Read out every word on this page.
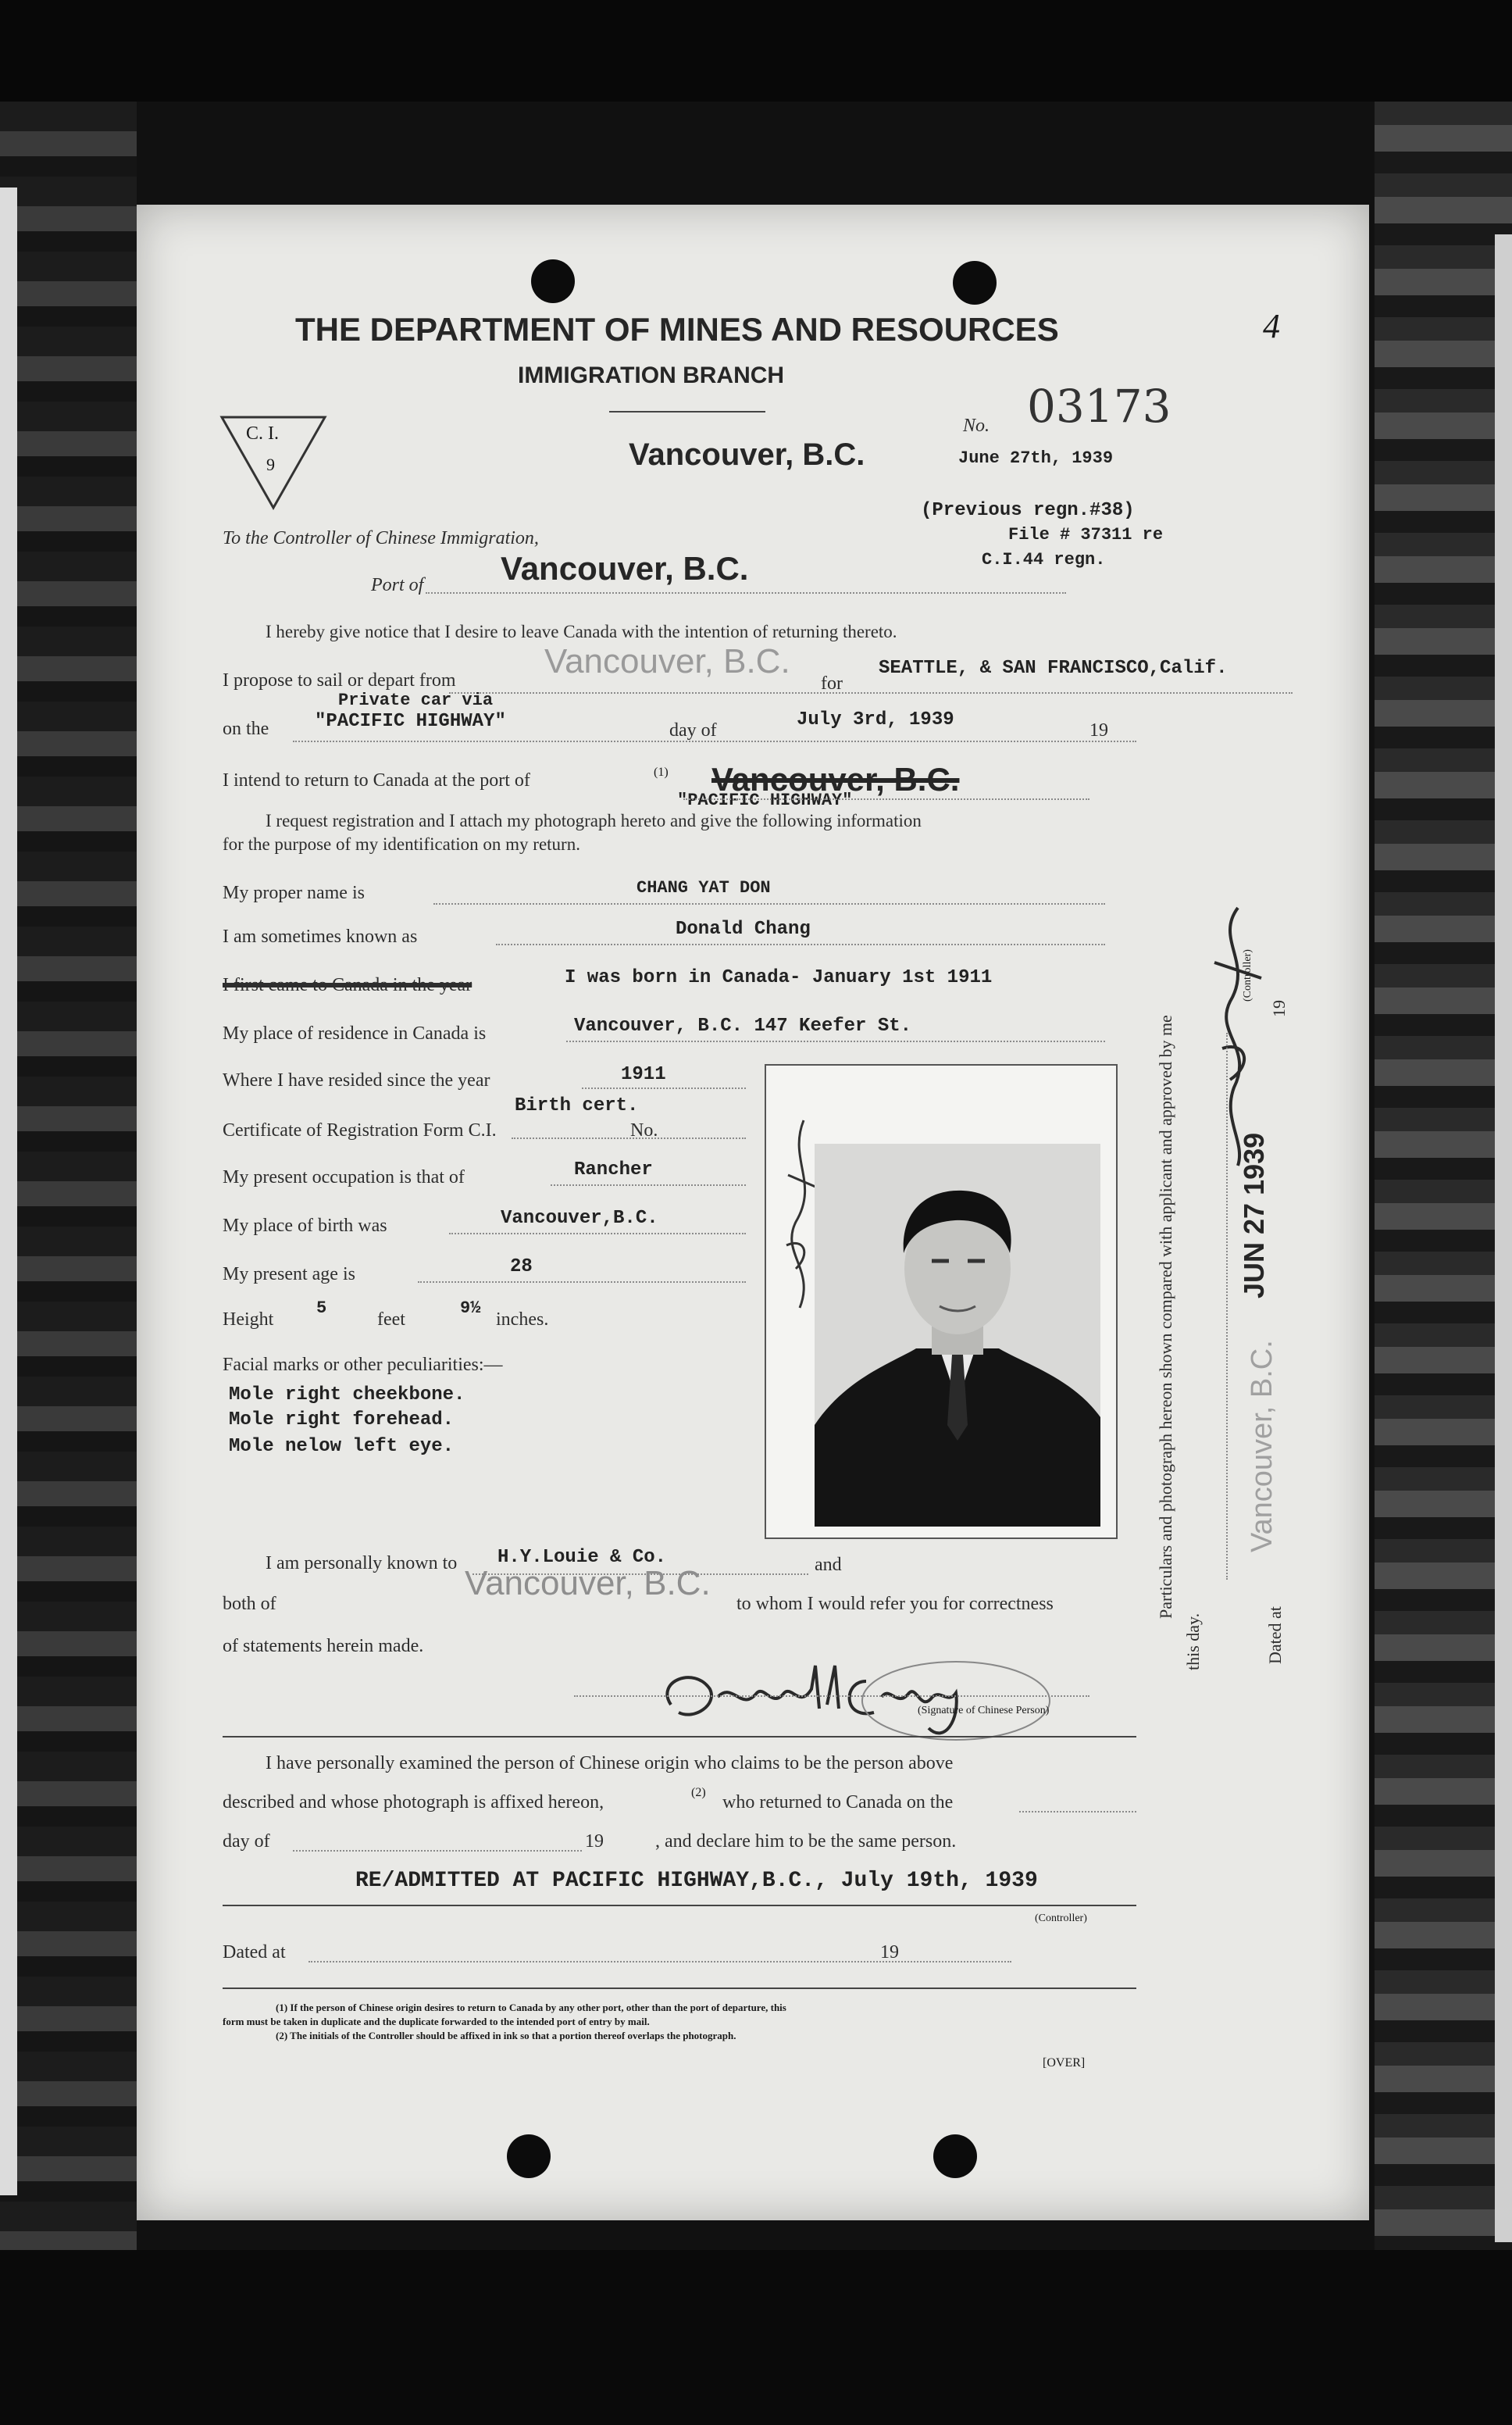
THE DEPARTMENT OF MINES AND RESOURCES
IMMIGRATION BRANCH
4
C. I.
9
No. 03173
Vancouver, B.C.	June 27th, 1939
(Previous regn.#38)
File # 37311 re
C.I.44 regn.
To the Controller of Chinese Immigration,
Port of Vancouver, B.C.
I hereby give notice that I desire to leave Canada with the intention of returning thereto.
I propose to sail or depart from	Vancouver, B.C.
for
SEATTLE, & SAN FRANCISCO,Calif.
Private car via
on the "PACIFIC HIGHWAY"	day of	July 3rd, 1939	19
I intend to return to Canada at the port of	(1) Vancouver, B.C.
"PACIFIC HIGHWAY"
I request registration and I attach my photograph hereto and give the following information
for the purpose of my identification on my return.
My proper name is	CHANG YAT DON
I am sometimes known as	Donald Chang
I first came to Canada in the year	I was born in Canada- January 1st 1911
My place of residence in Canada is	Vancouver, B.C. 147 Keefer St.
Where I have resided since the year	1911
Birth cert.
Certificate of Registration Form C.I.	No.
My present occupation is that of	Rancher
My place of birth was	Vancouver,B.C.
My present age is	28
Height
5
feet
9½
inches.
Facial marks or other peculiarities:—
Mole right cheekbone.
Mole right forehead.
Mole nelow left eye.
I am personally known to H.Y.Louie & Co.	and
both of
Vancouver, B.C.
to whom I would refer you for correctness
of statements herein made.
(Signature of Chinese Person)
I have personally examined the person of Chinese origin who claims to be the person above
described and whose photograph is affixed hereon,	(2) who returned to Canada on the
day of	19	, and declare him to be the same person.
RE/ADMITTED AT PACIFIC HIGHWAY,B.C., July 19th, 1939
(Controller)
Dated at	19
(1) If the person of Chinese origin desires to return to Canada by any other port, other than the port of departure, this
form must be taken in duplicate and the duplicate forwarded to the intended port of entry by mail.
(2) The initials of the Controller should be affixed in ink so that a portion thereof overlaps the photograph.
[OVER]
Particulars and photograph hereon shown compared with applicant and approved by me
this day.
(Controller)
Dated at
Vancouver, B.C.
JUN 27 1939
19
